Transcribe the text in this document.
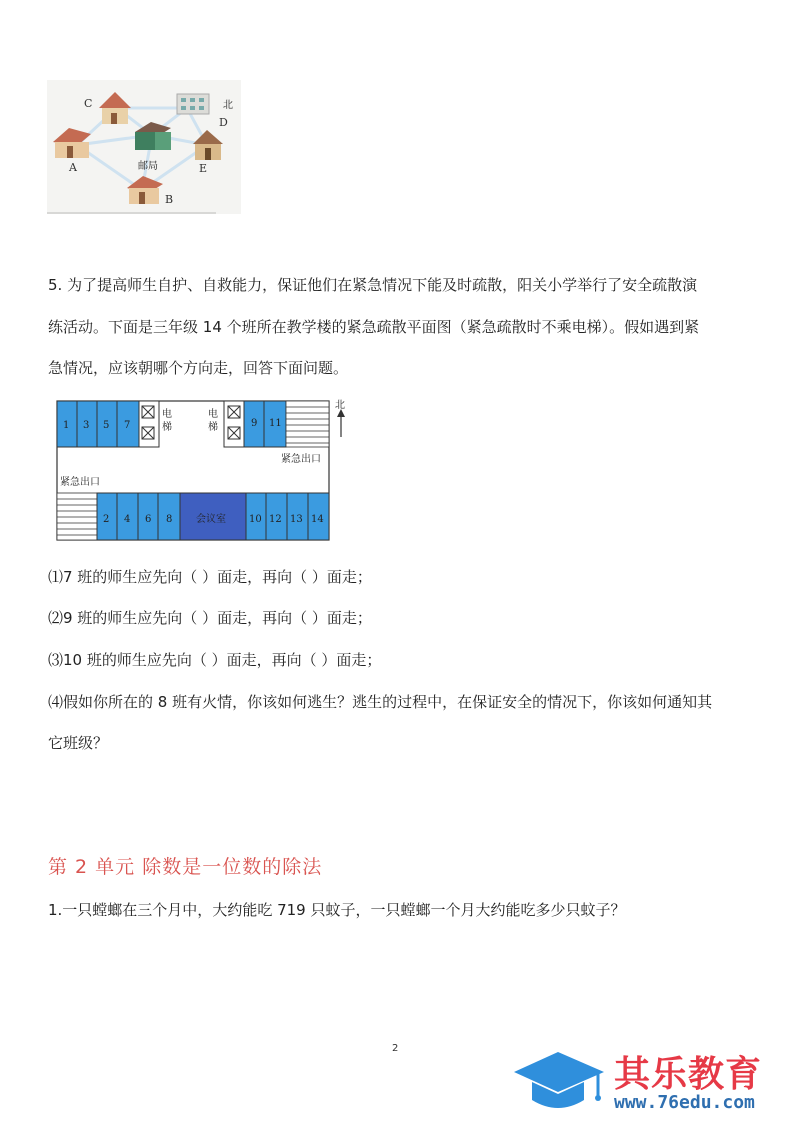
C
D
A	E
B
邮局
北
5. 为了提高师生自护、自救能力，保证他们在紧急情况下能及时疏散，阳关小学举行了安全疏散演
练活动。下面是三年级 14 个班所在教学楼的紧急疏散平面图（紧急疏散时不乘电梯）。假如遇到紧
急情况，应该朝哪个方向走，回答下面问题。
电
梯
电
梯
北
紧急出口
紧急出口
1 3 5 7	9 11
2 4 6 8 会议室 10 12 13 14
⑴7 班的师生应先向（ ）面走，再向（ ）面走；
⑵9 班的师生应先向（ ）面走，再向（ ）面走；
⑶10 班的师生应先向（ ）面走，再向（ ）面走；
⑷假如你所在的 8 班有火情，你该如何逃生？逃生的过程中，在保证安全的情况下，你该如何通知其
它班级？
第 2 单元 除数是一位数的除法
1.一只螳螂在三个月中，大约能吃 719 只蚊子，一只螳螂一个月大约能吃多少只蚊子？
2
其乐教育
www.76edu.com
